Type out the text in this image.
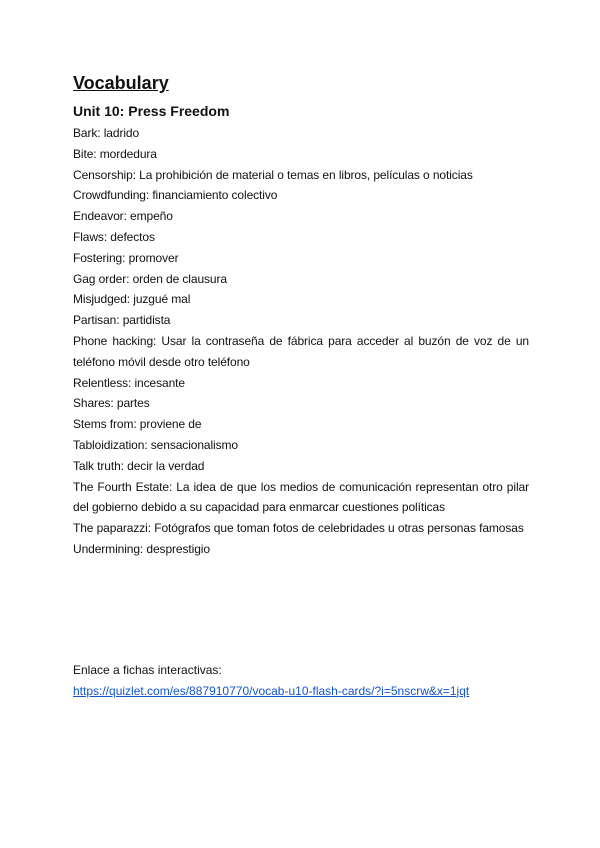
Vocabulary
Unit 10: Press Freedom
Bark: ladrido
Bite: mordedura
Censorship: La prohibición de material o temas en libros, películas o noticias
Crowdfunding: financiamiento colectivo
Endeavor: empeño
Flaws: defectos
Fostering: promover
Gag order: orden de clausura
Misjudged: juzgué mal
Partisan: partidista
Phone hacking: Usar la contraseña de fábrica para acceder al buzón de voz de un teléfono móvil desde otro teléfono
Relentless: incesante
Shares: partes
Stems from: proviene de
Tabloidization: sensacionalismo
Talk truth: decir la verdad
The Fourth Estate: La idea de que los medios de comunicación representan otro pilar del gobierno debido a su capacidad para enmarcar cuestiones políticas
The paparazzi: Fotógrafos que toman fotos de celebridades u otras personas famosas
Undermining: desprestigio
Enlace a fichas interactivas:
https://quizlet.com/es/887910770/vocab-u10-flash-cards/?i=5nscrw&x=1jqt
